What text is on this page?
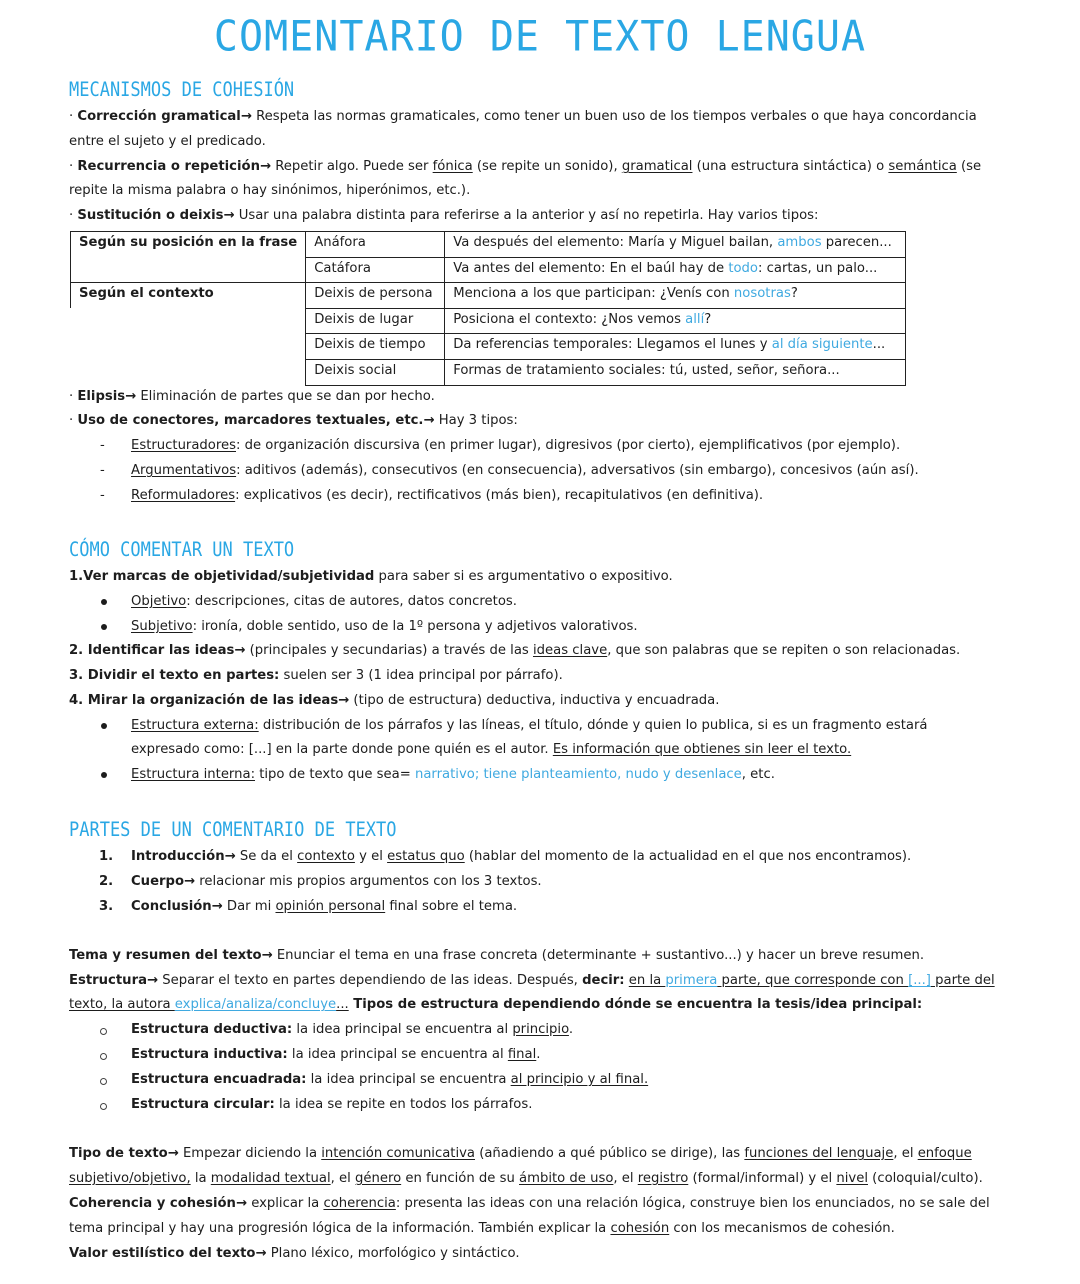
COMENTARIO DE TEXTO LENGUA
MECANISMOS DE COHESIÓN
· Corrección gramatical→ Respeta las normas gramaticales, como tener un buen uso de los tiempos verbales o que haya concordancia
entre el sujeto y el predicado.
· Recurrencia o repetición→ Repetir algo. Puede ser fónica (se repite un sonido), gramatical (una estructura sintáctica) o semántica (se
repite la misma palabra o hay sinónimos, hiperónimos, etc.).
· Sustitución o deixis→ Usar una palabra distinta para referirse a la anterior y así no repetirla. Hay varios tipos:
Según su posición en la frase	Anáfora	Va después del elemento: María y Miguel bailan, ambos parecen...
	Catáfora	Va antes del elemento: En el baúl hay de todo: cartas, un palo...
Según el contexto	Deixis de persona	Menciona a los que participan: ¿Venís con nosotras?
	Deixis de lugar	Posiciona el contexto: ¿Nos vemos allí?
	Deixis de tiempo	Da referencias temporales: Llegamos el lunes y al día siguiente...
	Deixis social	Formas de tratamiento sociales: tú, usted, señor, señora...
· Elipsis→ Eliminación de partes que se dan por hecho.
· Uso de conectores, marcadores textuales, etc.→ Hay 3 tipos:
- Estructuradores: de organización discursiva (en primer lugar), digresivos (por cierto), ejemplificativos (por ejemplo).
- Argumentativos: aditivos (además), consecutivos (en consecuencia), adversativos (sin embargo), concesivos (aún así).
- Reformuladores: explicativos (es decir), rectificativos (más bien), recapitulativos (en definitiva).
CÓMO COMENTAR UN TEXTO
1.Ver marcas de objetividad/subjetividad para saber si es argumentativo o expositivo.
Objetivo: descripciones, citas de autores, datos concretos.
Subjetivo: ironía, doble sentido, uso de la 1º persona y adjetivos valorativos.
2. Identificar las ideas→ (principales y secundarias) a través de las ideas clave, que son palabras que se repiten o son relacionadas.
3. Dividir el texto en partes: suelen ser 3 (1 idea principal por párrafo).
4. Mirar la organización de las ideas→ (tipo de estructura) deductiva, inductiva y encuadrada.
Estructura externa: distribución de los párrafos y las líneas, el título, dónde y quien lo publica, si es un fragmento estará
expresado como: [...] en la parte donde pone quién es el autor. Es información que obtienes sin leer el texto.
Estructura interna: tipo de texto que sea= narrativo; tiene planteamiento, nudo y desenlace, etc.
PARTES DE UN COMENTARIO DE TEXTO
1. Introducción→ Se da el contexto y el estatus quo (hablar del momento de la actualidad en el que nos encontramos).
2. Cuerpo→ relacionar mis propios argumentos con los 3 textos.
3. Conclusión→ Dar mi opinión personal final sobre el tema.
Tema y resumen del texto→ Enunciar el tema en una frase concreta (determinante + sustantivo...) y hacer un breve resumen.
Estructura→ Separar el texto en partes dependiendo de las ideas. Después, decir: en la primera parte, que corresponde con [...] parte del
texto, la autora explica/analiza/concluye... Tipos de estructura dependiendo dónde se encuentra la tesis/idea principal:
Estructura deductiva: la idea principal se encuentra al principio.
Estructura inductiva: la idea principal se encuentra al final.
Estructura encuadrada: la idea principal se encuentra al principio y al final.
Estructura circular: la idea se repite en todos los párrafos.
Tipo de texto→ Empezar diciendo la intención comunicativa (añadiendo a qué público se dirige), las funciones del lenguaje, el enfoque
subjetivo/objetivo, la modalidad textual, el género en función de su ámbito de uso, el registro (formal/informal) y el nivel (coloquial/culto).
Coherencia y cohesión→ explicar la coherencia: presenta las ideas con una relación lógica, construye bien los enunciados, no se sale del
tema principal y hay una progresión lógica de la información. También explicar la cohesión con los mecanismos de cohesión.
Valor estilístico del texto→ Plano léxico, morfológico y sintáctico.
